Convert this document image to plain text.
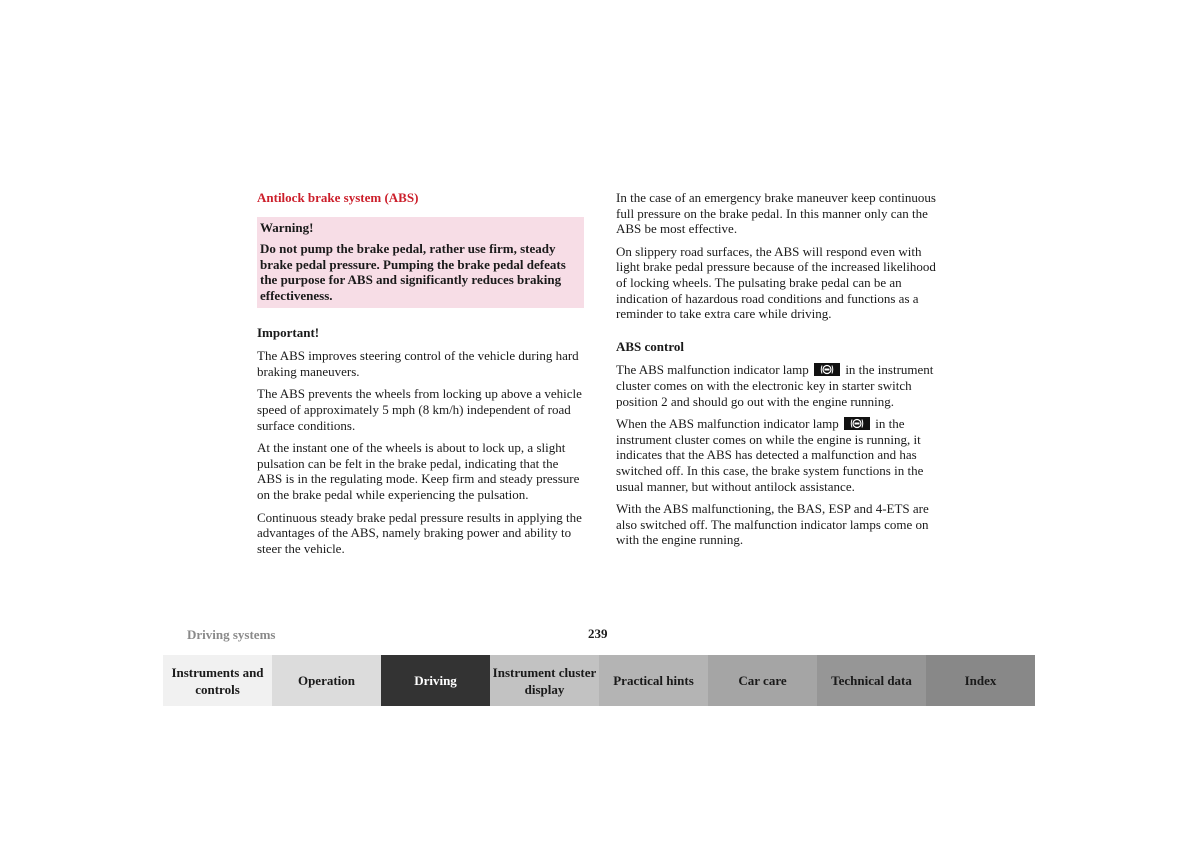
Antilock brake system (ABS)
Warning!
Do not pump the brake pedal, rather use firm, steady brake pedal pressure. Pumping the brake pedal defeats the purpose for ABS and significantly reduces braking effectiveness.
Important!

The ABS improves steering control of the vehicle during hard braking maneuvers.

The ABS prevents the wheels from locking up above a vehicle speed of approximately 5 mph (8 km/h) independent of road surface conditions.

At the instant one of the wheels is about to lock up, a slight pulsation can be felt in the brake pedal, indicating that the ABS is in the regulating mode. Keep firm and steady pressure on the brake pedal while experiencing the pulsation.

Continuous steady brake pedal pressure results in applying the advantages of the ABS, namely braking power and ability to steer the vehicle.

In the case of an emergency brake maneuver keep continuous full pressure on the brake pedal. In this manner only can the ABS be most effective.

On slippery road surfaces, the ABS will respond even with light brake pedal pressure because of the increased likelihood of locking wheels. The pulsating brake pedal can be an indication of hazardous road conditions and functions as a reminder to take extra care while driving.

ABS control

The ABS malfunction indicator lamp	in the instrument cluster comes on with the electronic key in starter switch position 2 and should go out with the engine running.

When the ABS malfunction indicator lamp	in the instrument cluster comes on while the engine is running, it indicates that the ABS has detected a malfunction and has switched off. In this case, the brake system functions in the usual manner, but without antilock assistance.

With the ABS malfunctioning, the BAS, ESP and 4-ETS are also switched off. The malfunction indicator lamps come on with the engine running.

Driving systems	239
Instruments and controls
Operation	Driving
Instrument cluster display
Practical hints	Car care	Technical data	Index
